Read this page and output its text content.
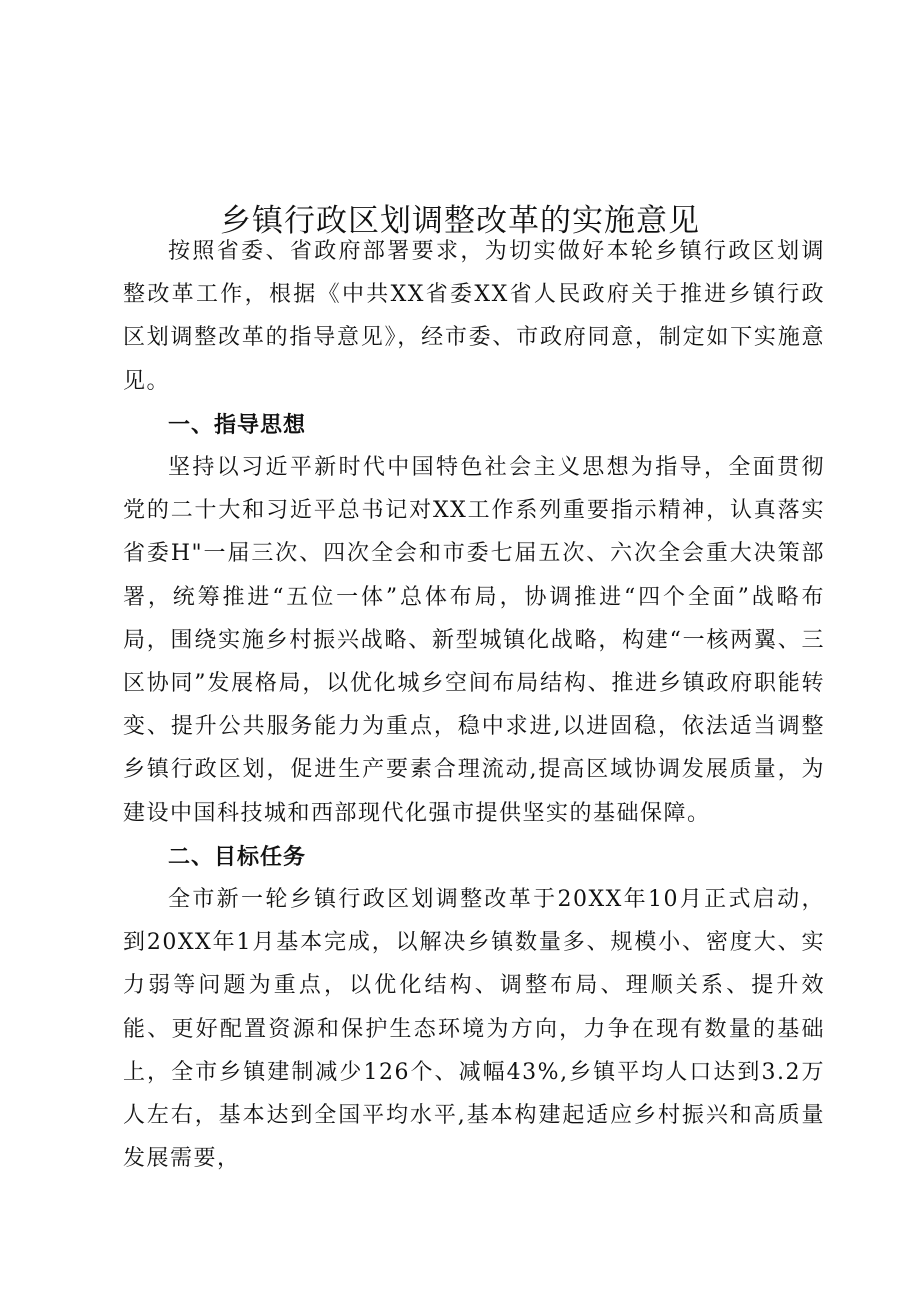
乡镇行政区划调整改革的实施意见

按照省委、省政府部署要求，为切实做好本轮乡镇行政区划调整改革工作，根据《中共XX省委XX省人民政府关于推进乡镇行政区划调整改革的指导意见》，经市委、市政府同意，制定如下实施意见。

一、指导思想

坚持以习近平新时代中国特色社会主义思想为指导，全面贯彻党的二十大和习近平总书记对XX工作系列重要指示精神，认真落实省委H"一届三次、四次全会和市委七届五次、六次全会重大决策部署，统筹推进“五位一体”总体布局，协调推进“四个全面”战略布局，围绕实施乡村振兴战略、新型城镇化战略，构建“一核两翼、三区协同”发展格局，以优化城乡空间布局结构、推进乡镇政府职能转变、提升公共服务能力为重点，稳中求进,以进固稳，依法适当调整乡镇行政区划，促进生产要素合理流动,提高区域协调发展质量，为建设中国科技城和西部现代化强市提供坚实的基础保障。

二、目标任务

全市新一轮乡镇行政区划调整改革于20XX年10月正式启动，到20XX年1月基本完成，以解决乡镇数量多、规模小、密度大、实力弱等问题为重点，以优化结构、调整布局、理顺关系、提升效能、更好配置资源和保护生态环境为方向，力争在现有数量的基础上，全市乡镇建制减少126个、减幅43%,乡镇平均人口达到3.2万人左右，基本达到全国平均水平,基本构建起适应乡村振兴和高质量发展需要，
